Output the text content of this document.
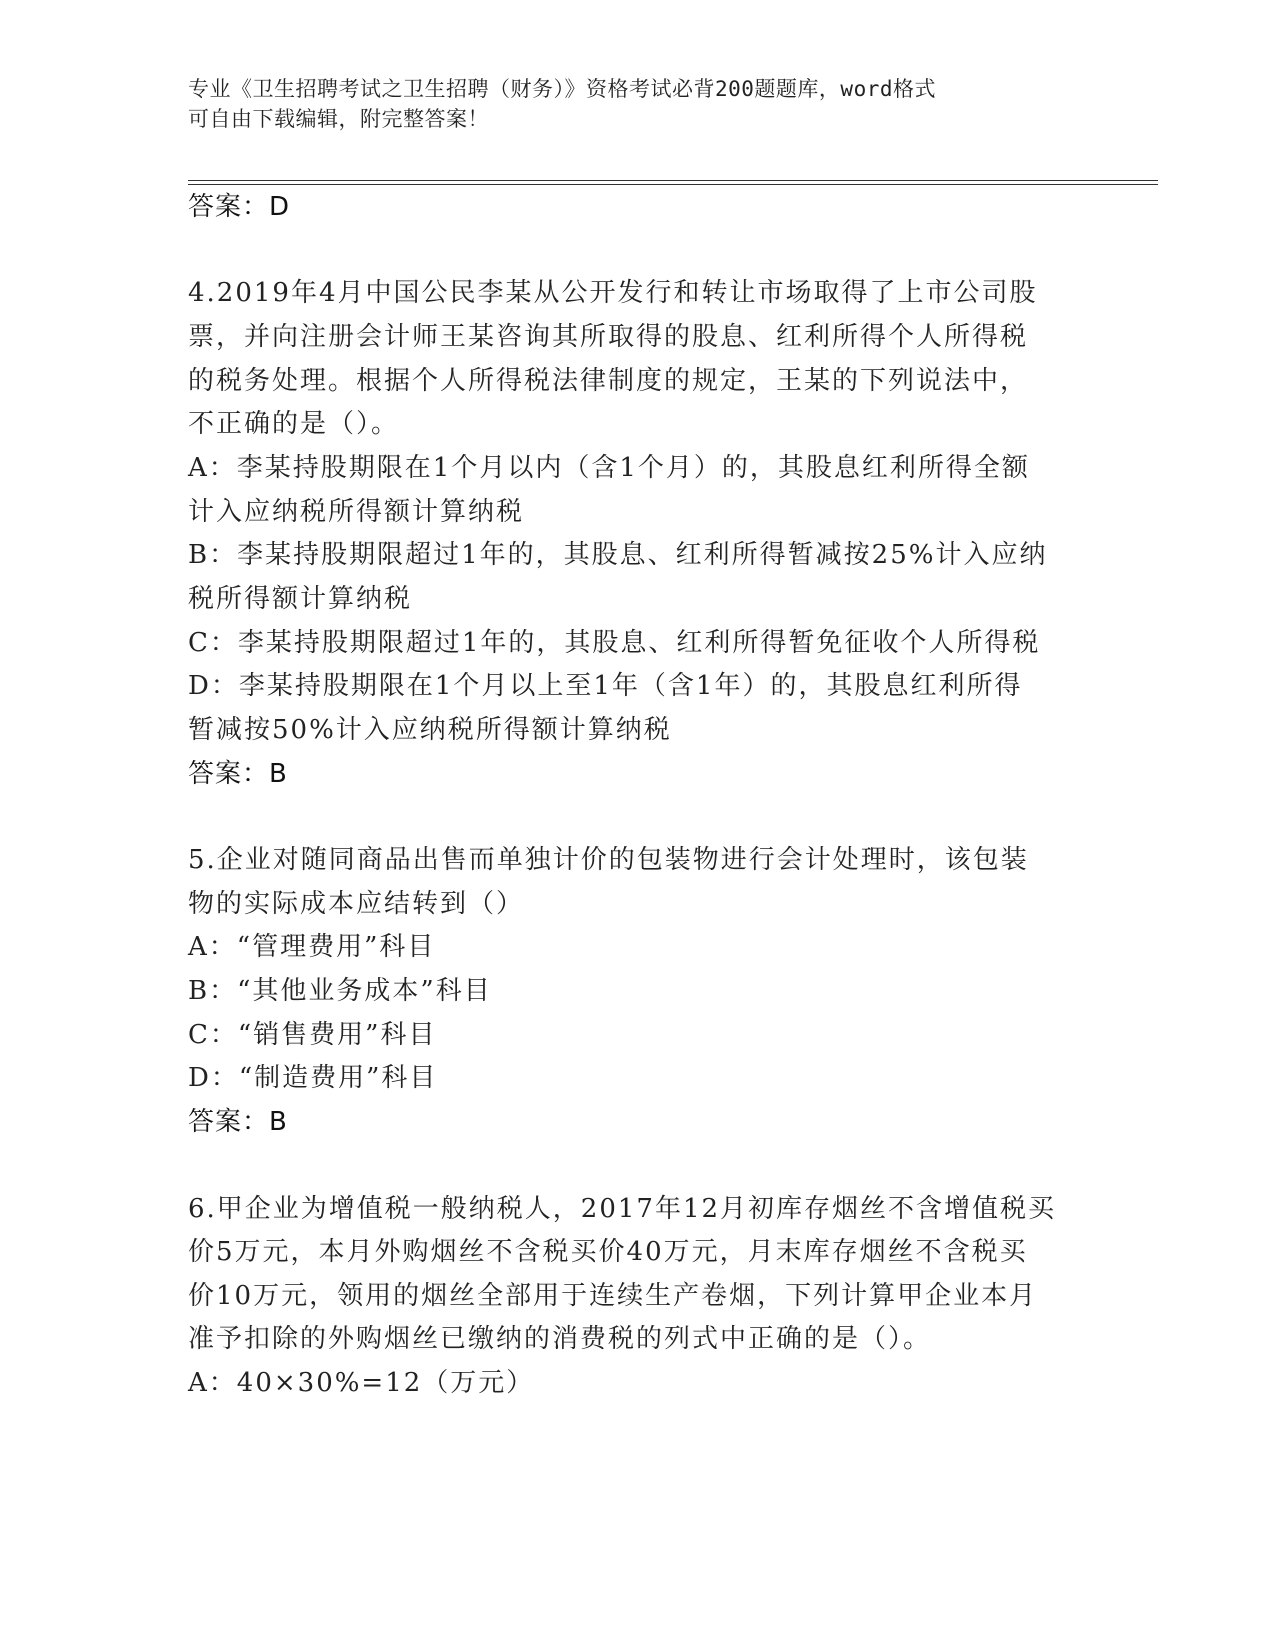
专业《卫生招聘考试之卫生招聘（财务）》资格考试必背200题题库，word格式
可自由下载编辑，附完整答案！
答案：D
4.2019年4月中国公民李某从公开发行和转让市场取得了上市公司股
票，并向注册会计师王某咨询其所取得的股息、红利所得个人所得税
的税务处理。根据个人所得税法律制度的规定，王某的下列说法中，
不正确的是（）。
A：李某持股期限在1个月以内（含1个月）的，其股息红利所得全额
计入应纳税所得额计算纳税
B：李某持股期限超过1年的，其股息、红利所得暂减按25%计入应纳
税所得额计算纳税
C：李某持股期限超过1年的，其股息、红利所得暂免征收个人所得税
D：李某持股期限在1个月以上至1年（含1年）的，其股息红利所得
暂减按50%计入应纳税所得额计算纳税
答案：B
5.企业对随同商品出售而单独计价的包装物进行会计处理时，该包装
物的实际成本应结转到（）
A：“管理费用”科目
B：“其他业务成本”科目
C：“销售费用”科目
D：“制造费用”科目
答案：B
6.甲企业为增值税一般纳税人，2017年12月初库存烟丝不含增值税买
价5万元，本月外购烟丝不含税买价40万元，月末库存烟丝不含税买
价10万元，领用的烟丝全部用于连续生产卷烟，下列计算甲企业本月
准予扣除的外购烟丝已缴纳的消费税的列式中正确的是（）。
A：40×30%=12（万元）
